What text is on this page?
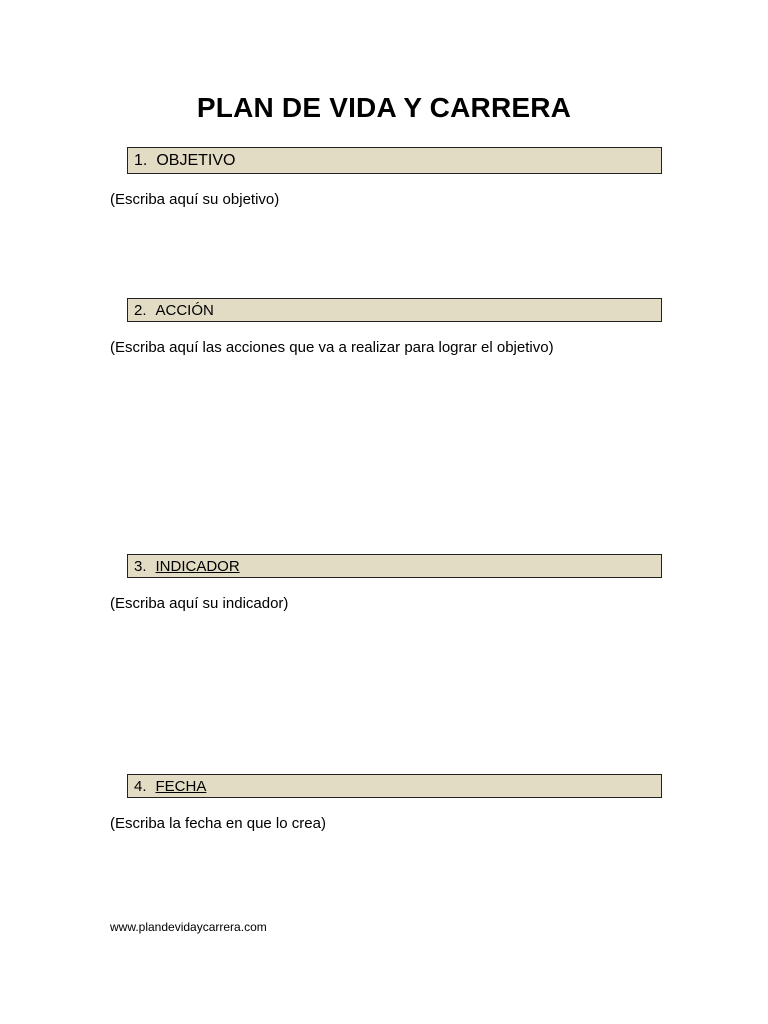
PLAN DE VIDA Y CARRERA
1. OBJETIVO
(Escriba aquí su objetivo)
2. ACCIÓN
(Escriba aquí las acciones que va a realizar para lograr el objetivo)
3. INDICADOR
(Escriba aquí su indicador)
4. FECHA
(Escriba la fecha en que lo crea)
www.plandevidaycarrera.com
